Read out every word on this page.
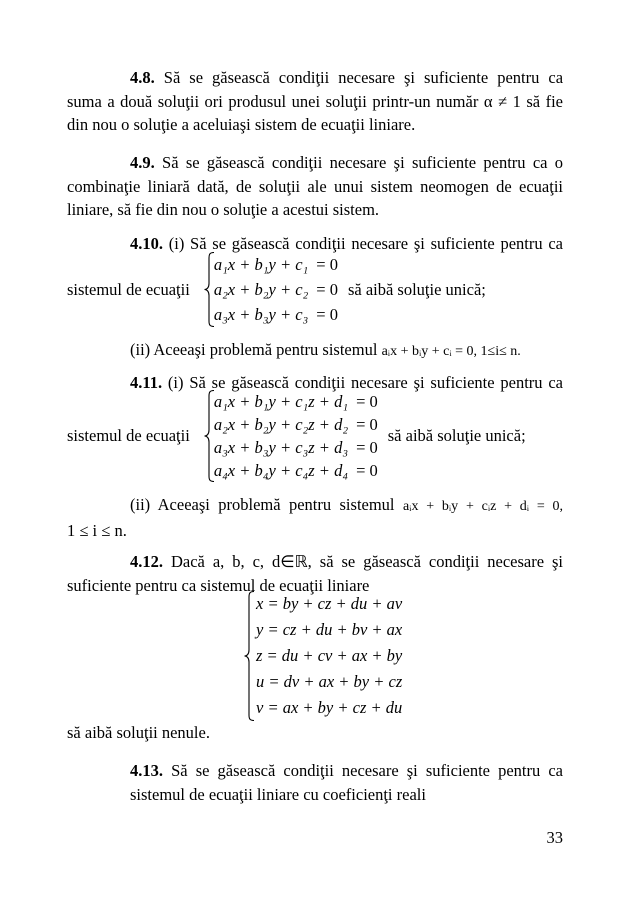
4.8. Să se găsească condiţii necesare şi suficiente pentru ca
suma a două soluţii ori produsul unei soluţii printr-un număr α ≠ 1 să fie
din nou o soluţie a aceluiaşi sistem de ecuaţii liniare.
4.9. Să se găsească condiţii necesare şi suficiente pentru ca o
combinaţie liniară dată, de soluţii ale unui sistem neomogen de ecuaţii
liniare, să fie din nou o soluţie a acestui sistem.
4.10. (i) Să se găsească condiţii necesare şi suficiente pentru ca
sistemul de ecuaţii
a₁x + b₁y + c₁ = 0
a₂x + b₂y + c₂ = 0
a₃x + b₃y + c₃ = 0
să aibă soluţie unică;
(ii) Aceeaşi problemă pentru sistemul aᵢx + bᵢy + cᵢ = 0, 1≤i≤ n.
4.11. (i) Să se găsească condiţii necesare şi suficiente pentru ca
sistemul de ecuaţii
a₁x + b₁y + c₁z + d₁ = 0
a₂x + b₂y + c₂z + d₂ = 0
a₃x + b₃y + c₃z + d₃ = 0
a₄x + b₄y + c₄z + d₄ = 0
să aibă soluţie unică;
(ii) Aceeaşi problemă pentru sistemul aᵢx + bᵢy + cᵢz + dᵢ = 0,
1 ≤ i ≤ n.
4.12. Dacă a, b, c, d∈ℝ, să se găsească condiţii necesare şi
suficiente pentru ca sistemul de ecuaţii liniare
x = by + cz + du + av
y = cz + du + bv + ax
z = du + cv + ax + by
u = dv + ax + by + cz
v = ax + by + cz + du
să aibă soluţii nenule.
4.13. Să se găsească condiţii necesare şi suficiente pentru ca
sistemul de ecuaţii liniare cu coeficienţi reali
33
